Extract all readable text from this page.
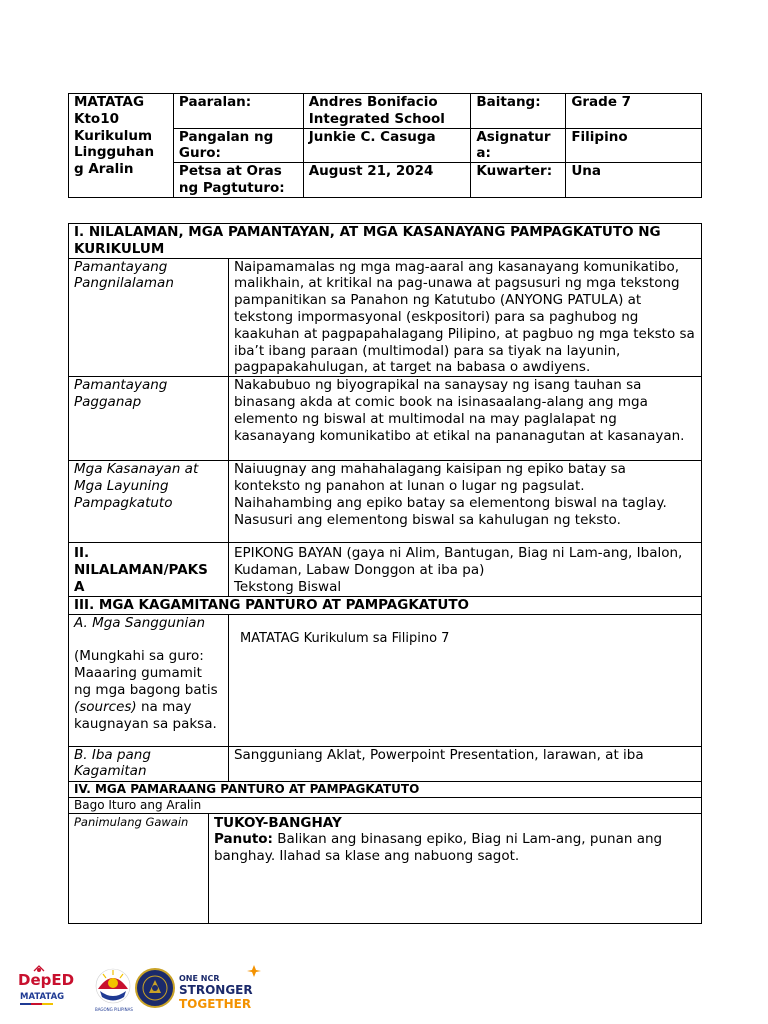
MATATAG Kto10 Kurikulum Lingguhan g Aralin	Paaralan:	Andres Bonifacio Integrated School	Baitang:	Grade 7
	Pangalan ng Guro:	Junkie C. Casuga	Asignatur a:	Filipino
	Petsa at Oras ng Pagtuturo:	August 21, 2024	Kuwarter:	Una
I. NILALAMAN, MGA PAMANTAYAN, AT MGA KASANAYANG PAMPAGKATUTO NG KURIKULUM		
Pamantayang Pangnilalaman		Naipamamalas ng mga mag-aaral ang kasanayang komunikatibo, malikhain, at kritikal na pag-unawa at pagsusuri ng mga tekstong pampanitikan sa Panahon ng Katutubo (ANYONG PATULA) at tekstong impormasyonal (eskpositori) para sa paghubog ng kaakuhan at pagpapahalagang Pilipino, at pagbuo ng mga teksto sa iba’t ibang paraan (multimodal) para sa tiyak na layunin, pagpapakahulugan, at target na babasa o awdiyens.
Pamantayang Pagganap		Nakabubuo ng biyograpikal na sanaysay ng isang tauhan sa binasang akda at comic book na isinasaalang-alang ang mga elemento ng biswal at multimodal na may paglalapat ng kasanayang komunikatibo at etikal na pananagutan at kasanayan.
Mga Kasanayan at Mga Layuning Pampagkatuto		Naiuugnay ang mahahalagang kaisipan ng epiko batay sa konteksto ng panahon at lunan o lugar ng pagsulat.
Naihahambing ang epiko batay sa elementong biswal na taglay.
Nasusuri ang elementong biswal sa kahulugan ng teksto.

II. NILALAMAN/PAKS A		EPIKONG BAYAN (gaya ni Alim, Bantugan, Biag ni Lam-ang, Ibalon, Kudaman, Labaw Donggon at iba pa)
Tekstong Biswal

III. MGA KAGAMITANG PANTURO AT PAMPAGKATUTO		

A. Mga Sanggunian
(Mungkahi sa guro: Maaaring gumamit ng mga bagong batis (sources) na may kaugnayan sa paksa.		MATATAG Kurikulum sa Filipino 7
B. Iba pang Kagamitan		Sangguniang Aklat, Powerpoint Presentation, larawan, at iba
IV. MGA PAMARAANG PANTURO AT PAMPAGKATUTO		
Bago Ituro ang Aralin		
Panimulang Gawain	TUKOY-BANGHAY
Panuto: Balikan ang binasang epiko, Biag ni Lam-ang, punan ang banghay. Ilahad sa klase ang nabuong sagot.	
DepED
MATATAG
BAGONG PILIPINAS
ONE NCR
STRONGER
TOGETHER
